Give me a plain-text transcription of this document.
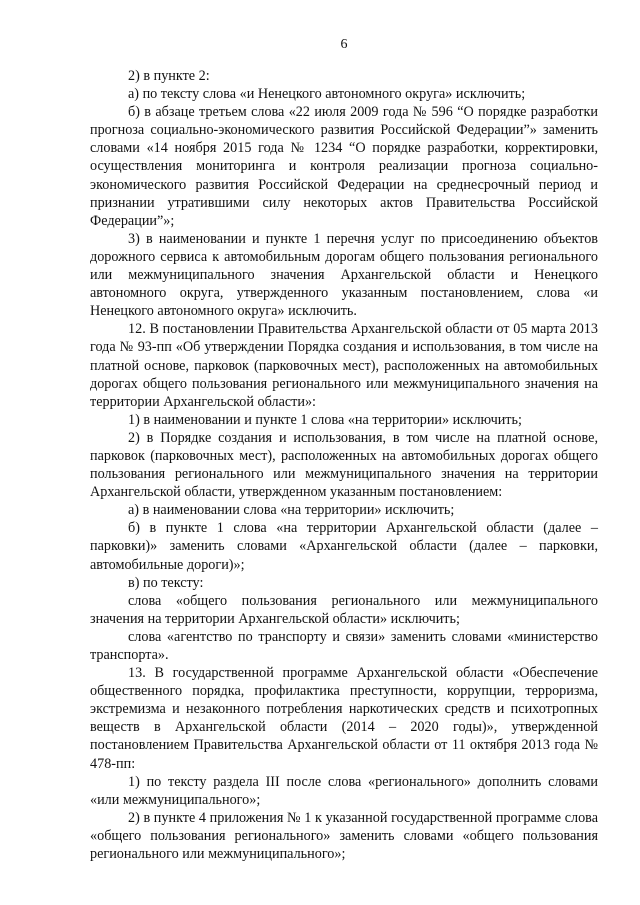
6

2) в пункте 2:

а) по тексту слова «и Ненецкого автономного округа» исключить;

б) в абзаце третьем слова «22 июля 2009 года № 596 “О порядке разработки прогноза социально-экономического развития Российской Федерации”» заменить словами «14 ноября 2015 года № 1234 “О порядке разработки, корректировки, осуществления мониторинга и контроля реализации прогноза социально-экономического развития Российской Федерации на среднесрочный период и признании утратившими силу некоторых актов Правительства Российской Федерации”»;

3) в наименовании и пункте 1 перечня услуг по присоединению объектов дорожного сервиса к автомобильным дорогам общего пользования регионального или межмуниципального значения Архангельской области и Ненецкого автономного округа, утвержденного указанным постановлением, слова «и Ненецкого автономного округа» исключить.

12. В постановлении Правительства Архангельской области от 05 марта 2013 года № 93-пп «Об утверждении Порядка создания и использования, в том числе на платной основе, парковок (парковочных мест), расположенных на автомобильных дорогах общего пользования регионального или межмуниципального значения на территории Архангельской области»:

1) в наименовании и пункте 1 слова «на территории» исключить;

2) в Порядке создания и использования, в том числе на платной основе, парковок (парковочных мест), расположенных на автомобильных дорогах общего пользования регионального или межмуниципального значения на территории Архангельской области, утвержденном указанным постановлением:

а) в наименовании слова «на территории» исключить;

б) в пункте 1 слова «на территории Архангельской области (далее – парковки)» заменить словами «Архангельской области (далее – парковки, автомобильные дороги)»;

в) по тексту:

слова «общего пользования регионального или межмуниципального значения на территории Архангельской области» исключить;

слова «агентство по транспорту и связи» заменить словами «министерство транспорта».

13. В государственной программе Архангельской области «Обеспечение общественного порядка, профилактика преступности, коррупции, терроризма, экстремизма и незаконного потребления наркотических средств и психотропных веществ в Архангельской области (2014 – 2020 годы)», утвержденной постановлением Правительства Архангельской области от 11 октября 2013 года № 478-пп:

1) по тексту раздела III после слова «регионального» дополнить словами «или межмуниципального»;

2) в пункте 4 приложения № 1 к указанной государственной программе слова «общего пользования регионального» заменить словами «общего пользования регионального или межмуниципального»;
